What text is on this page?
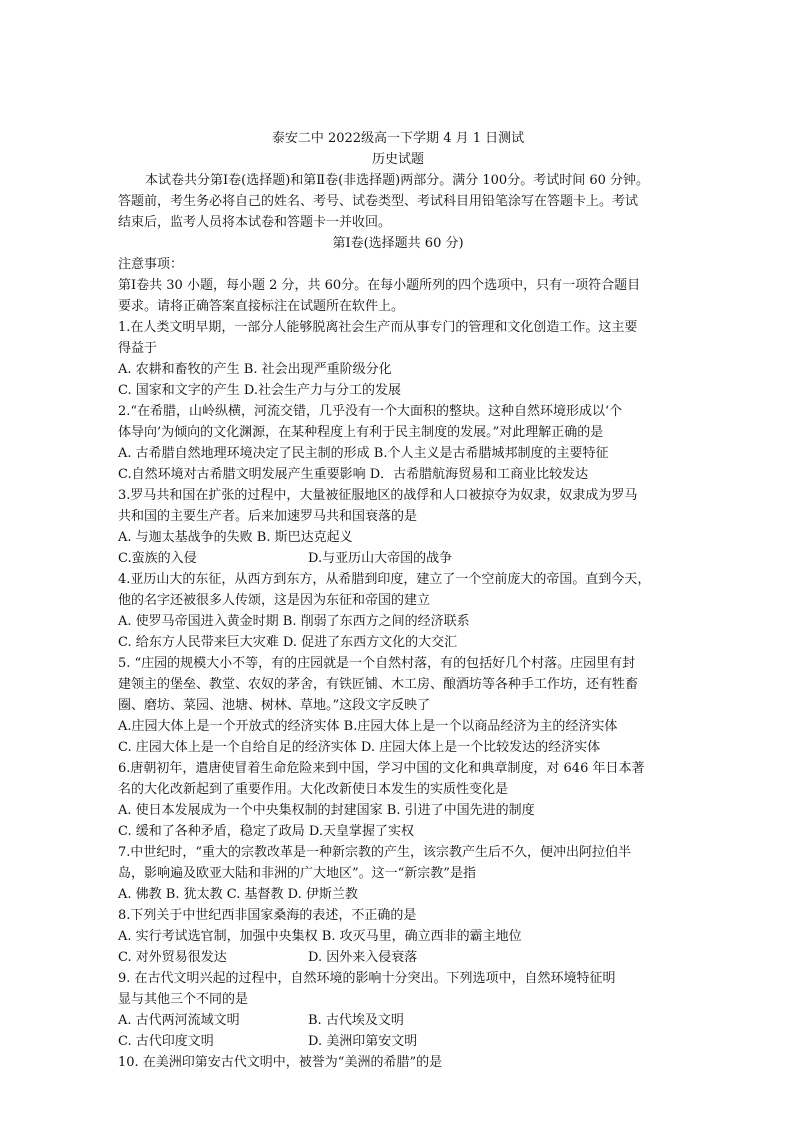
泰安二中 2022级高一下学期 4 月 1 日测试

历史试题

本试卷共分第Ⅰ卷(选择题)和第Ⅱ卷(非选择题)两部分。满分 100分。考试时间 60 分钟。

答题前，考生务必将自己的姓名、考号、试卷类型、考试科目用铅笔涂写在答题卡上。考试

结束后，监考人员将本试卷和答题卡一并收回。

第Ⅰ卷(选择题共 60 分)

注意事项：

第Ⅰ卷共 30 小题，每小题 2 分，共 60分。在每小题所列的四个选项中，只有一项符合题目

要求。请将正确答案直接标注在试题所在软件上。

1.在人类文明早期，一部分人能够脱离社会生产而从事专门的管理和文化创造工作。这主要

得益于

A. 农耕和畜牧的产生 B. 社会出现严重阶级分化

C. 国家和文字的产生 D.社会生产力与分工的发展

2.“在希腊，山岭纵横，河流交错，几乎没有一个大面积的整块。这种自然环境形成以‘个

体导向’为倾向的文化渊源，在某种程度上有利于民主制度的发展。”对此理解正确的是

A. 古希腊自然地理环境决定了民主制的形成 B.个人主义是古希腊城邦制度的主要特征

C.自然环境对古希腊文明发展产生重要影响 D．古希腊航海贸易和工商业比较发达

3.罗马共和国在扩张的过程中，大量被征服地区的战俘和人口被掠夺为奴隶，奴隶成为罗马

共和国的主要生产者。后来加速罗马共和国衰落的是

A. 与迦太基战争的失败 B. 斯巴达克起义

C.蛮族的入侵	D.与亚历山大帝国的战争

4.亚历山大的东征，从西方到东方，从希腊到印度，建立了一个空前庞大的帝国。直到今天，

他的名字还被很多人传颂，这是因为东征和帝国的建立

A. 使罗马帝国进入黄金时期 B. 削弱了东西方之间的经济联系

C. 给东方人民带来巨大灾难 D. 促进了东西方文化的大交汇

5. “庄园的规模大小不等，有的庄园就是一个自然村落，有的包括好几个村落。庄园里有封

建领主的堡垒、教堂、农奴的茅舍，有铁匠铺、木工房、酿酒坊等各种手工作坊，还有牲畜

圈、磨坊、菜园、池塘、树林、草地。”这段文字反映了

A.庄园大体上是一个开放式的经济实体 B.庄园大体上是一个以商品经济为主的经济实体

C. 庄园大体上是一个自给自足的经济实体 D. 庄园大体上是一个比较发达的经济实体

6.唐朝初年，遣唐使冒着生命危险来到中国，学习中国的文化和典章制度，对 646 年日本著

名的大化改新起到了重要作用。大化改新使日本发生的实质性变化是

A. 使日本发展成为一个中央集权制的封建国家 B. 引进了中国先进的制度

C. 缓和了各种矛盾，稳定了政局 D.天皇掌握了实权

7.中世纪时，“重大的宗教改革是一种新宗教的产生，该宗教产生后不久，便冲出阿拉伯半

岛，影响遍及欧亚大陆和非洲的广大地区”。这一“新宗教”是指

A. 佛教 B. 犹太教 C. 基督教 D. 伊斯兰教

8.下列关于中世纪西非国家桑海的表述，不正确的是

A. 实行考试选官制，加强中央集权 B. 攻灭马里，确立西非的霸主地位

C. 对外贸易很发达	D. 因外来入侵衰落

9. 在古代文明兴起的过程中，自然环境的影响十分突出。下列选项中，自然环境特征明

显与其他三个不同的是

A. 古代两河流域文明	B. 古代埃及文明
C. 古代印度文明	D. 美洲印第安文明

10. 在美洲印第安古代文明中，被誉为“美洲的希腊”的是
